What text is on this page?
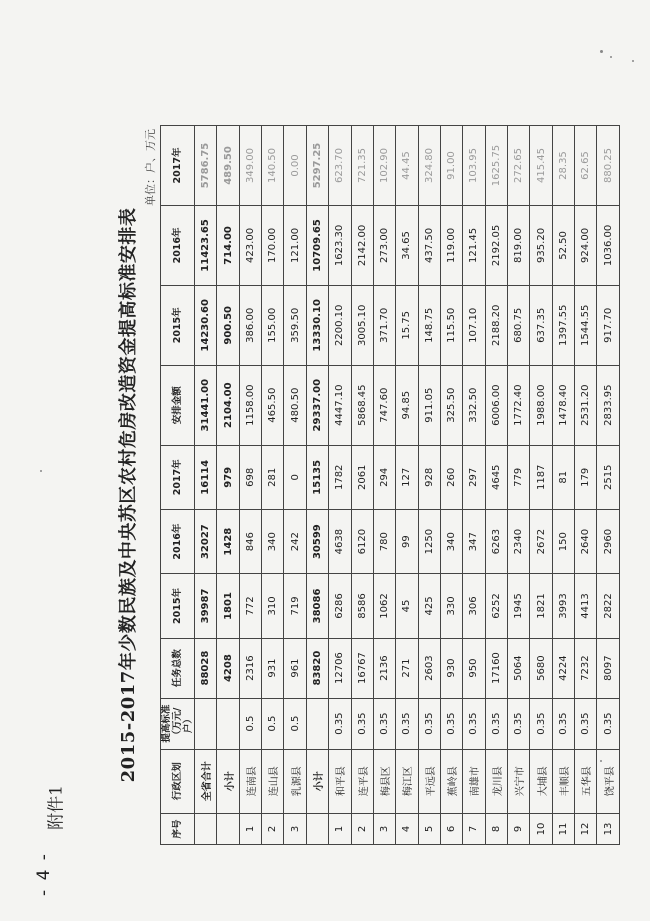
附件1
- 4 -
2015-2017年少数民族及中央苏区农村危房改造资金提高标准安排表
单位：户、万元
序号	行政区划	提高标准（万元/户）	任务总数	2015年	2016年	2017年	安排金额	2015年	2016年	2017年
	全省合计		88028	39987	32027	16114	31441.00	14230.60	11423.65	5786.75
	小计		4208	1801	1428	979	2104.00	900.50	714.00	489.50
1	连南县	0.5	2316	772	846	698	1158.00	386.00	423.00	349.00
2	连山县	0.5	931	310	340	281	465.50	155.00	170.00	140.50
3	乳源县	0.5	961	719	242	0	480.50	359.50	121.00	0.00
	小计		83820	38086	30599	15135	29337.00	13330.10	10709.65	5297.25
1	和平县	0.35	12706	6286	4638	1782	4447.10	2200.10	1623.30	623.70
2	连平县	0.35	16767	8586	6120	2061	5868.45	3005.10	2142.00	721.35
3	梅县区	0.35	2136	1062	780	294	747.60	371.70	273.00	102.90
4	梅江区	0.35	271	45	99	127	94.85	15.75	34.65	44.45
5	平远县	0.35	2603	425	1250	928	911.05	148.75	437.50	324.80
6	蕉岭县	0.35	930	330	340	260	325.50	115.50	119.00	91.00
7	南雄市	0.35	950	306	347	297	332.50	107.10	121.45	103.95
8	龙川县	0.35	17160	6252	6263	4645	6006.00	2188.20	2192.05	1625.75
9	兴宁市	0.35	5064	1945	2340	779	1772.40	680.75	819.00	272.65
10	大埔县	0.35	5680	1821	2672	1187	1988.00	637.35	935.20	415.45
11	丰顺县	0.35	4224	3993	150	81	1478.40	1397.55	52.50	28.35
12	五华县	0.35	7232	4413	2640	179	2531.20	1544.55	924.00	62.65
13	饶平县	0.35	8097	2822	2960	2515	2833.95	917.70	1036.00	880.25
